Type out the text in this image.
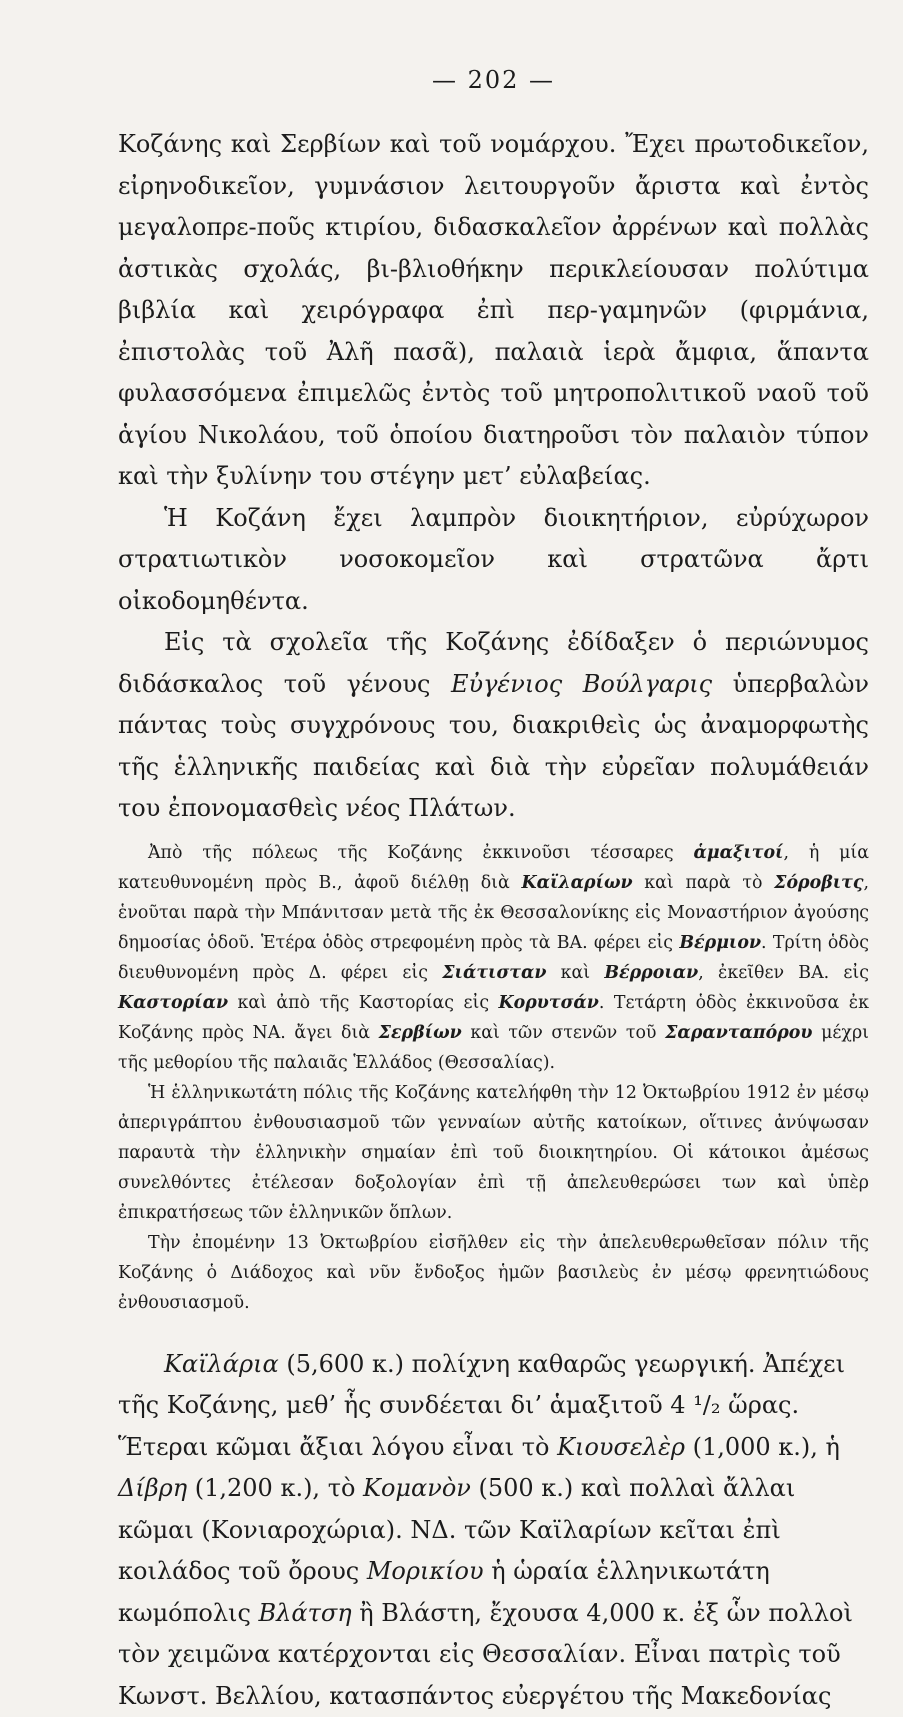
— 202 —

Κοζάνης καὶ Σερβίων καὶ τοῦ νομάρχου. Ἔχει πρωτοδικεῖον, εἰρηνοδικεῖον, γυμνάσιον λειτουργοῦν ἄριστα καὶ ἐντὸς μεγαλοπρε-ποῦς κτιρίου, διδασκαλεῖον ἀρρένων καὶ πολλὰς ἀστικὰς σχολάς, βι-βλιοθήκην περικλείουσαν πολύτιμα βιβλία καὶ χειρόγραφα ἐπὶ περ-γαμηνῶν (φιρμάνια, ἐπιστολὰς τοῦ Ἀλῆ πασᾶ), παλαιὰ ἱερὰ ἄμφια, ἅπαντα φυλασσόμενα ἐπιμελῶς ἐντὸς τοῦ μητροπολιτικοῦ ναοῦ τοῦ ἁγίου Νικολάου, τοῦ ὁποίου διατηροῦσι τὸν παλαιὸν τύπον καὶ τὴν ξυλίνην του στέγην μετ’ εὐλαβείας.

Ἡ Κοζάνη ἔχει λαμπρὸν διοικητήριον, εὐρύχωρον στρατιωτικὸν νοσοκομεῖον καὶ στρατῶνα ἄρτι οἰκοδομηθέντα.

Εἰς τὰ σχολεῖα τῆς Κοζάνης ἐδίδαξεν ὁ περιώνυμος διδάσκαλος τοῦ γένους Εὐγένιος Βούλγαρις ὑπερβαλὼν πάντας τοὺς συγχρόνους του, διακριθεὶς ὡς ἀναμορφωτὴς τῆς ἑλληνικῆς παιδείας καὶ διὰ τὴν εὐρεῖαν πολυμάθειάν του ἐπονομασθεὶς νέος Πλάτων.

Ἀπὸ τῆς πόλεως τῆς Κοζάνης ἐκκινοῦσι τέσσαρες ἁμαξιτοί, ἡ μία κατευθυνομένη πρὸς Β., ἀφοῦ διέλθῃ διὰ Καϊλαρίων καὶ παρὰ τὸ Σόροβιτς, ἑνοῦται παρὰ τὴν Μπάνιτσαν μετὰ τῆς ἐκ Θεσσαλονίκης εἰς Μοναστήριον ἀγούσης δημοσίας ὁδοῦ. Ἑτέρα ὁδὸς στρεφομένη πρὸς τὰ ΒΑ. φέρει εἰς Βέρμιον. Τρίτη ὁδὸς διευθυνομένη πρὸς Δ. φέρει εἰς Σιάτισταν καὶ Βέρροιαν, ἐκεῖθεν ΒΑ. εἰς Καστορίαν καὶ ἀπὸ τῆς Καστορίας εἰς Κορυτσάν. Τετάρτη ὁδὸς ἐκκινοῦσα ἐκ Κοζάνης πρὸς ΝΑ. ἄγει διὰ Σερβίων καὶ τῶν στενῶν τοῦ Σαρανταπόρου μέχρι τῆς μεθορίου τῆς παλαιᾶς Ἑλλάδος (Θεσσαλίας).

Ἡ ἑλληνικωτάτη πόλις τῆς Κοζάνης κατελήφθη τὴν 12 Ὀκτωβρίου 1912 ἐν μέσῳ ἀπεριγράπτου ἐνθουσιασμοῦ τῶν γενναίων αὐτῆς κατοίκων, οἵτινες ἀνύψωσαν παραυτὰ τὴν ἑλληνικὴν σημαίαν ἐπὶ τοῦ διοικητηρίου. Οἱ κάτοικοι ἀμέσως συνελθόντες ἐτέλεσαν δοξολογίαν ἐπὶ τῇ ἀπελευθερώσει των καὶ ὑπὲρ ἐπικρατήσεως τῶν ἑλληνικῶν ὅπλων.

Τὴν ἐπομένην 13 Ὀκτωβρίου εἰσῆλθεν εἰς τὴν ἀπελευθερωθεῖσαν πόλιν τῆς Κοζάνης ὁ Διάδοχος καὶ νῦν ἔνδοξος ἡμῶν βασιλεὺς ἐν μέσῳ φρενητιώδους ἐνθουσιασμοῦ.

Καϊλάρια (5,600 κ.) πολίχνη καθαρῶς γεωργική. Ἀπέχει τῆς Κοζάνης, μεθ’ ἧς συνδέεται δι’ ἁμαξιτοῦ 4 ¹/₂ ὥρας. Ἕτεραι κῶμαι ἄξιαι λόγου εἶναι τὸ Κιουσελὲρ (1,000 κ.), ἡ Δίβρη (1,200 κ.), τὸ Κομανὸν (500 κ.) καὶ πολλαὶ ἄλλαι κῶμαι (Κονιαροχώρια). ΝΔ. τῶν Καϊλαρίων κεῖται ἐπὶ κοιλάδος τοῦ ὄρους Μορικίου ἡ ὡραία ἑλληνικωτάτη κωμόπολις Βλάτση ἢ Βλάστη, ἔχουσα 4,000 κ. ἐξ ὧν πολλοὶ τὸν χειμῶνα κατέρχονται εἰς Θεσσαλίαν. Εἶναι πατρὶς τοῦ Κωνστ. Βελλίου, κατασπάντος εὐεργέτου τῆς Μακεδονίας
